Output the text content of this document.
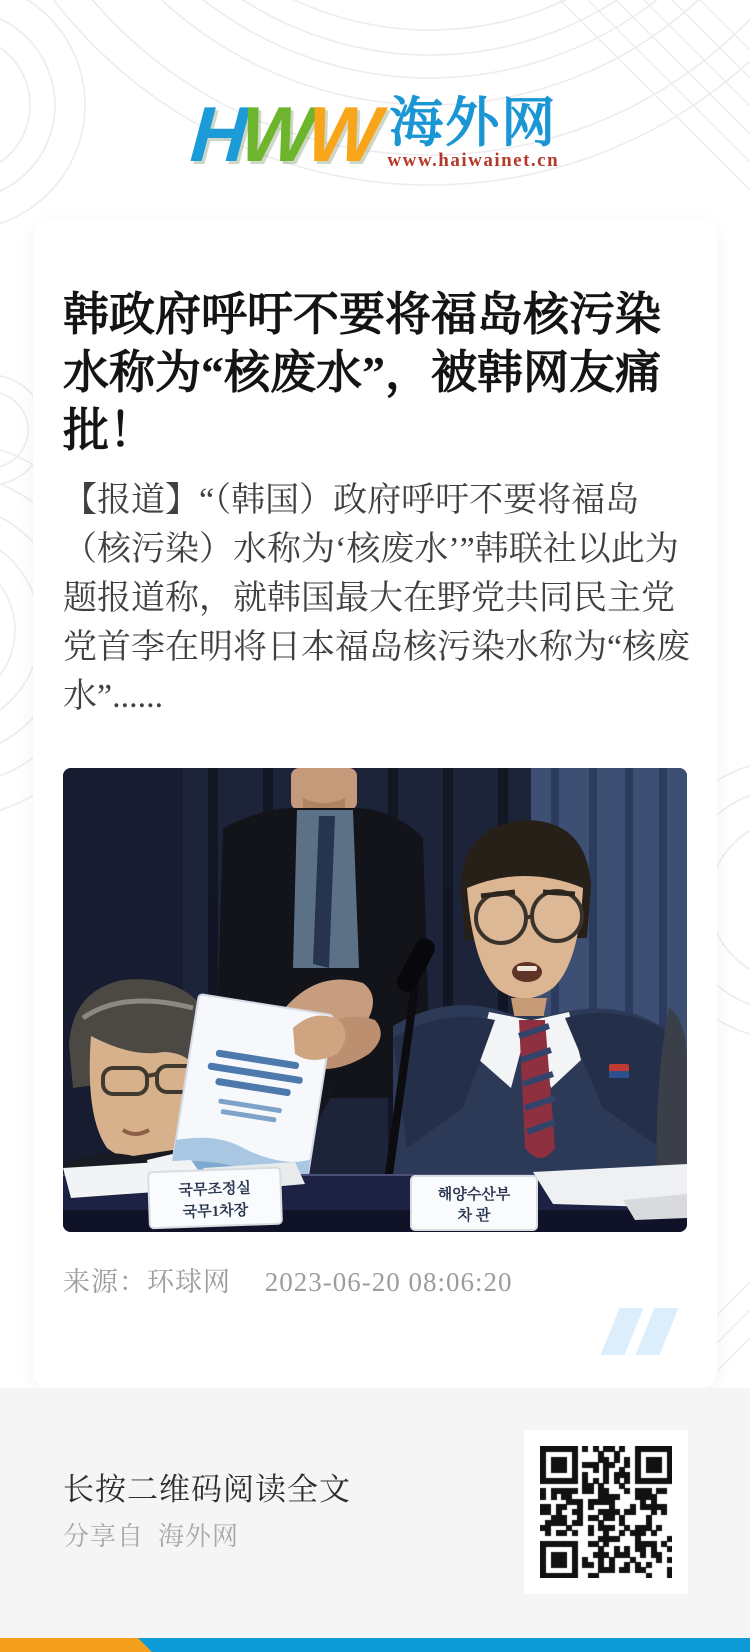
HWW 海外网
www.haiwainet.cn
韩政府呼吁不要将福岛核污染水称为“核废水”，被韩网友痛批！
【报道】“（韩国）政府呼吁不要将福岛（核污染）水称为‘核废水’”韩联社以此为题报道称，就韩国最大在野党共同民主党党首李在明将日本福岛核污染水称为“核废水”......
국무조정실
국무1차장
해양수산부
차 관
来源：环球网 2023-06-20 08:06:20
长按二维码阅读全文
分享自 海外网
